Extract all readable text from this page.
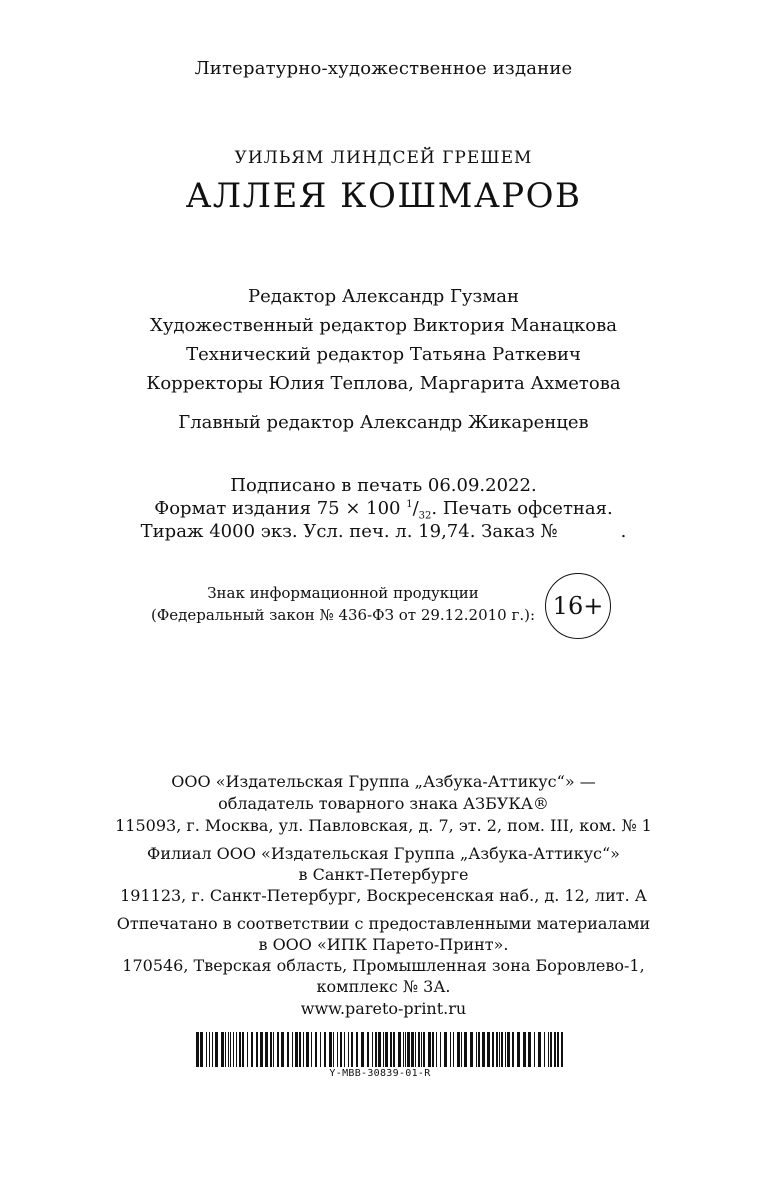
Литературно-художественное издание
УИЛЬЯМ ЛИНДСЕЙ ГРЕШЕМ
АЛЛЕЯ КОШМАРОВ
Редактор Александр Гузман
Художественный редактор Виктория Манацкова
Технический редактор Татьяна Раткевич
Корректоры Юлия Теплова, Маргарита Ахметова
Главный редактор Александр Жикаренцев
Подписано в печать 06.09.2022.
Формат издания 75 × 100 $^1/_{32}$. Печать офсетная.
Тираж 4000 экз. Усл. печ. л. 19,74. Заказ №           .
Знак информационной продукции
(Федеральный закон № 436-ФЗ от 29.12.2010 г.): 16+
ООО «Издательская Группа „Азбука-Аттикус“» —
обладатель товарного знака АЗБУКА®
115093, г. Москва, ул. Павловская, д. 7, эт. 2, пом. III, ком. № 1
Филиал ООО «Издательская Группа „Азбука-Аттикус“»
в Санкт-Петербурге
191123, г. Санкт-Петербург, Воскресенская наб., д. 12, лит. А
Отпечатано в соответствии с предоставленными материалами
в ООО «ИПК Парето-Принт».
170546, Тверская область, Промышленная зона Боровлево-1,
комплекс № 3А.
www.pareto-print.ru
Y-MBB-30839-01-R
